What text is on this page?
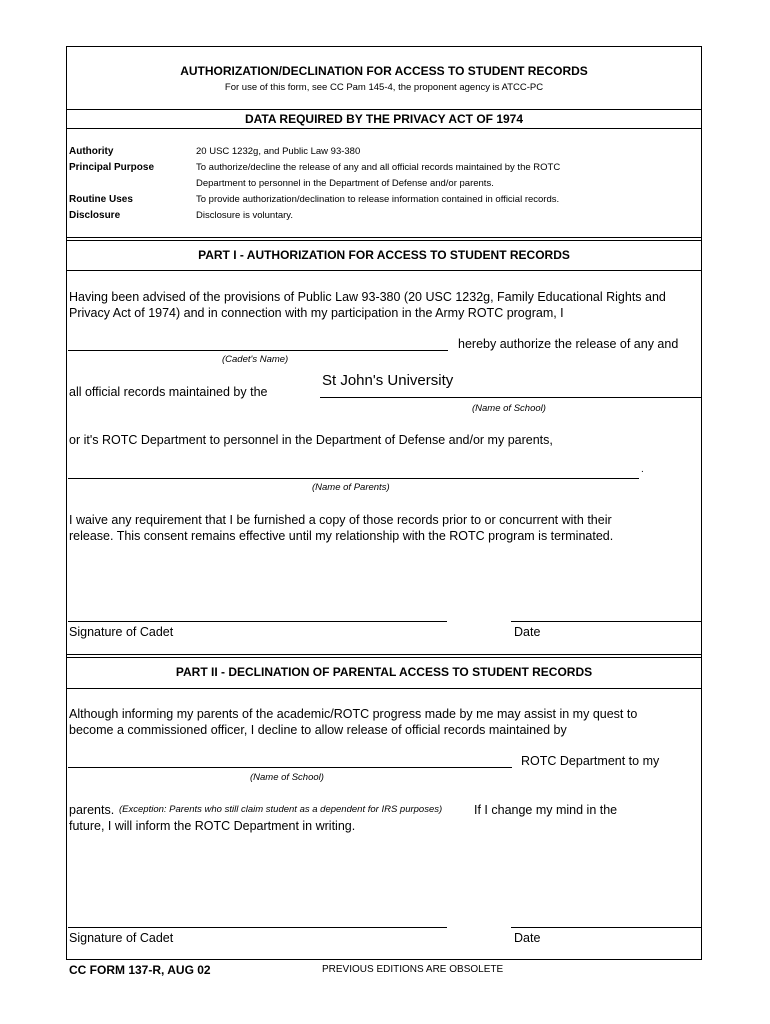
AUTHORIZATION/DECLINATION FOR ACCESS TO STUDENT RECORDS
For use of this form, see CC Pam 145-4, the proponent agency is ATCC-PC
DATA REQUIRED BY THE PRIVACY ACT OF 1974
Authority	20 USC 1232g, and Public Law 93-380
Principal Purpose	To authorize/decline the release of any and all official records maintained by the ROTC
Department to personnel in the Department of Defense and/or parents.
Routine Uses	To provide authorization/declination to release information contained in official records.
Disclosure	Disclosure is voluntary.
PART I - AUTHORIZATION FOR ACCESS TO STUDENT RECORDS
Having been advised of the provisions of Public Law 93-380 (20 USC 1232g, Family Educational Rights and
Privacy Act of 1974) and in connection with my participation in the Army ROTC program, I
hereby authorize the release of any and
(Cadet's Name)
all official records maintained by the
St John's University
(Name of School)
or it's ROTC Department to personnel in the Department of Defense and/or my parents,
.
(Name of Parents)
I waive any requirement that I be furnished a copy of those records prior to or concurrent with their
release. This consent remains effective until my relationship with the ROTC program is terminated.
Signature of Cadet	Date
PART II - DECLINATION OF PARENTAL ACCESS TO STUDENT RECORDS
Although informing my parents of the academic/ROTC progress made by me may assist in my quest to
become a commissioned officer, I decline to allow release of official records maintained by
ROTC Department to my
(Name of School)
parents. (Exception: Parents who still claim student as a dependent for IRS purposes)	If I change my mind in the
future, I will inform the ROTC Department in writing.
Signature of Cadet	Date
CC FORM 137-R, AUG 02	PREVIOUS EDITIONS ARE OBSOLETE
